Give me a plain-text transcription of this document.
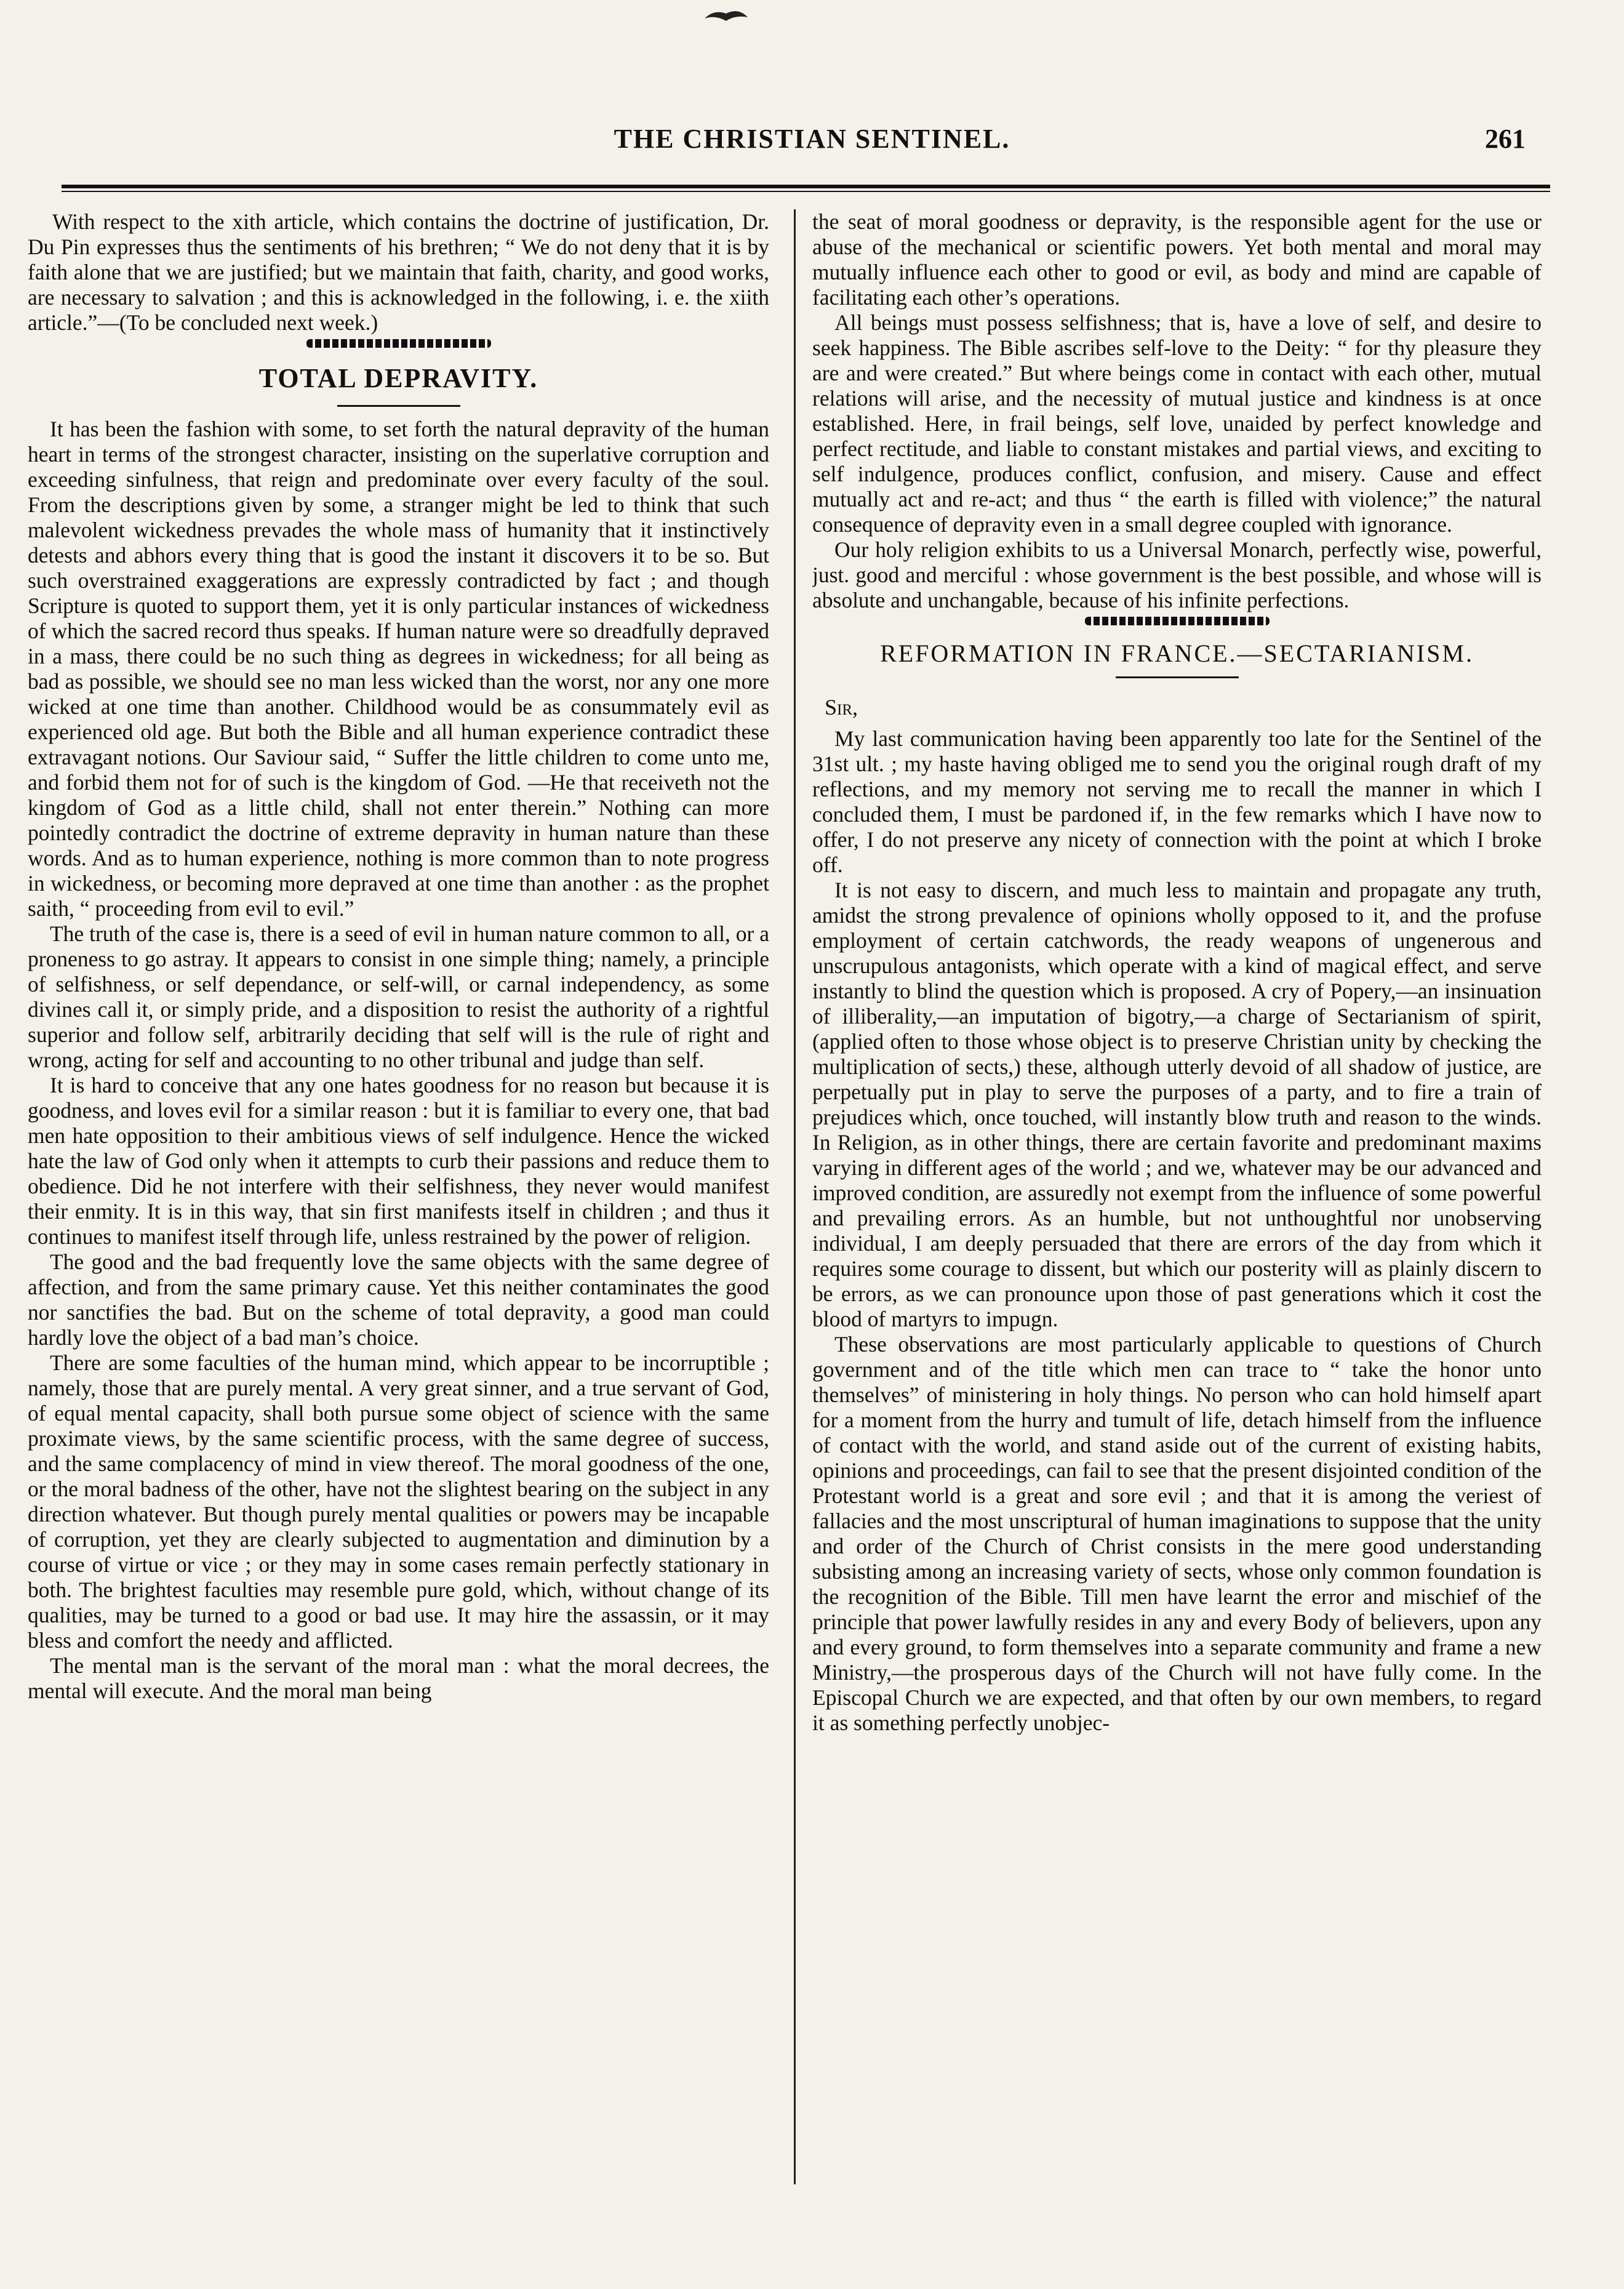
THE CHRISTIAN SENTINEL.	261

With respect to the xith article, which contains the doctrine of justification, Dr. Du Pin expresses thus the sentiments of his brethren; “ We do not deny that it is by faith alone that we are justified; but we maintain that faith, charity, and good works, are necessary to salvation ; and this is acknowledged in the following, i. e. the xiith article.”—(To be concluded next week.)

TOTAL DEPRAVITY.

It has been the fashion with some, to set forth the natural depravity of the human heart in terms of the strongest character, insisting on the superlative corruption and exceeding sinfulness, that reign and predominate over every faculty of the soul. From the descriptions given by some, a stranger might be led to think that such malevolent wickedness prevades the whole mass of humanity that it instinctively detests and abhors every thing that is good the instant it discovers it to be so. But such overstrained exaggerations are expressly contradicted by fact ; and though Scripture is quoted to support them, yet it is only particular instances of wickedness of which the sacred record thus speaks. If human nature were so dreadfully depraved in a mass, there could be no such thing as degrees in wickedness; for all being as bad as possible, we should see no man less wicked than the worst, nor any one more wicked at one time than another. Childhood would be as consummately evil as experienced old age. But both the Bible and all human experience contradict these extravagant notions. Our Saviour said, “ Suffer the little children to come unto me, and forbid them not for of such is the kingdom of God. —He that receiveth not the kingdom of God as a little child, shall not enter therein.” Nothing can more pointedly contradict the doctrine of extreme depravity in human nature than these words. And as to human experience, nothing is more common than to note progress in wickedness, or becoming more depraved at one time than another : as the prophet saith, “ proceeding from evil to evil.”

The truth of the case is, there is a seed of evil in human nature common to all, or a proneness to go astray. It appears to consist in one simple thing; namely, a principle of selfishness, or self dependance, or self-will, or carnal independency, as some divines call it, or simply pride, and a disposition to resist the authority of a rightful superior and follow self, arbitrarily deciding that self will is the rule of right and wrong, acting for self and accounting to no other tribunal and judge than self.

It is hard to conceive that any one hates goodness for no reason but because it is goodness, and loves evil for a similar reason : but it is familiar to every one, that bad men hate opposition to their ambitious views of self indulgence. Hence the wicked hate the law of God only when it attempts to curb their passions and reduce them to obedience. Did he not interfere with their selfishness, they never would manifest their enmity. It is in this way, that sin first manifests itself in children ; and thus it continues to manifest itself through life, unless restrained by the power of religion.

The good and the bad frequently love the same objects with the same degree of affection, and from the same primary cause. Yet this neither contaminates the good nor sanctifies the bad. But on the scheme of total depravity, a good man could hardly love the object of a bad man’s choice.

There are some faculties of the human mind, which appear to be incorruptible ; namely, those that are purely mental. A very great sinner, and a true servant of God, of equal mental capacity, shall both pursue some object of science with the same proximate views, by the same scientific process, with the same degree of success, and the same complacency of mind in view thereof. The moral goodness of the one, or the moral badness of the other, have not the slightest bearing on the subject in any direction whatever. But though purely mental qualities or powers may be incapable of corruption, yet they are clearly subjected to augmentation and diminution by a course of virtue or vice ; or they may in some cases remain perfectly stationary in both. The brightest faculties may resemble pure gold, which, without change of its qualities, may be turned to a good or bad use. It may hire the assassin, or it may bless and comfort the needy and afflicted.

The mental man is the servant of the moral man : what the moral decrees, the mental will execute. And the moral man being

the seat of moral goodness or depravity, is the responsible agent for the use or abuse of the mechanical or scientific powers. Yet both mental and moral may mutually influence each other to good or evil, as body and mind are capable of facilitating each other’s operations.

All beings must possess selfishness; that is, have a love of self, and desire to seek happiness. The Bible ascribes self-love to the Deity: “ for thy pleasure they are and were created.” But where beings come in contact with each other, mutual relations will arise, and the necessity of mutual justice and kindness is at once established. Here, in frail beings, self love, unaided by perfect knowledge and perfect rectitude, and liable to constant mistakes and partial views, and exciting to self indulgence, produces conflict, confusion, and misery. Cause and effect mutually act and re-act; and thus “ the earth is filled with violence;” the natural consequence of depravity even in a small degree coupled with ignorance.

Our holy religion exhibits to us a Universal Monarch, perfectly wise, powerful, just. good and merciful : whose government is the best possible, and whose will is absolute and unchangable, because of his infinite perfections.

REFORMATION IN FRANCE.—SECTARIANISM.
Sir,

My last communication having been apparently too late for the Sentinel of the 31st ult. ; my haste having obliged me to send you the original rough draft of my reflections, and my memory not serving me to recall the manner in which I concluded them, I must be pardoned if, in the few remarks which I have now to offer, I do not preserve any nicety of connection with the point at which I broke off.

It is not easy to discern, and much less to maintain and propagate any truth, amidst the strong prevalence of opinions wholly opposed to it, and the profuse employment of certain catchwords, the ready weapons of ungenerous and unscrupulous antagonists, which operate with a kind of magical effect, and serve instantly to blind the question which is proposed. A cry of Popery,—an insinuation of illiberality,—an imputation of bigotry,—a charge of Sectarianism of spirit, (applied often to those whose object is to preserve Christian unity by checking the multiplication of sects,) these, although utterly devoid of all shadow of justice, are perpetually put in play to serve the purposes of a party, and to fire a train of prejudices which, once touched, will instantly blow truth and reason to the winds. In Religion, as in other things, there are certain favorite and predominant maxims varying in different ages of the world ; and we, whatever may be our advanced and improved condition, are assuredly not exempt from the influence of some powerful and prevailing errors. As an humble, but not unthoughtful nor unobserving individual, I am deeply persuaded that there are errors of the day from which it requires some courage to dissent, but which our posterity will as plainly discern to be errors, as we can pronounce upon those of past generations which it cost the blood of martyrs to impugn.

These observations are most particularly applicable to questions of Church government and of the title which men can trace to “ take the honor unto themselves” of ministering in holy things. No person who can hold himself apart for a moment from the hurry and tumult of life, detach himself from the influence of contact with the world, and stand aside out of the current of existing habits, opinions and proceedings, can fail to see that the present disjointed condition of the Protestant world is a great and sore evil ; and that it is among the veriest of fallacies and the most unscriptural of human imaginations to suppose that the unity and order of the Church of Christ consists in the mere good understanding subsisting among an increasing variety of sects, whose only common foundation is the recognition of the Bible. Till men have learnt the error and mischief of the principle that power lawfully resides in any and every Body of believers, upon any and every ground, to form themselves into a separate community and frame a new Ministry,—the prosperous days of the Church will not have fully come. In the Episcopal Church we are expected, and that often by our own members, to regard it as something perfectly unobjec-
